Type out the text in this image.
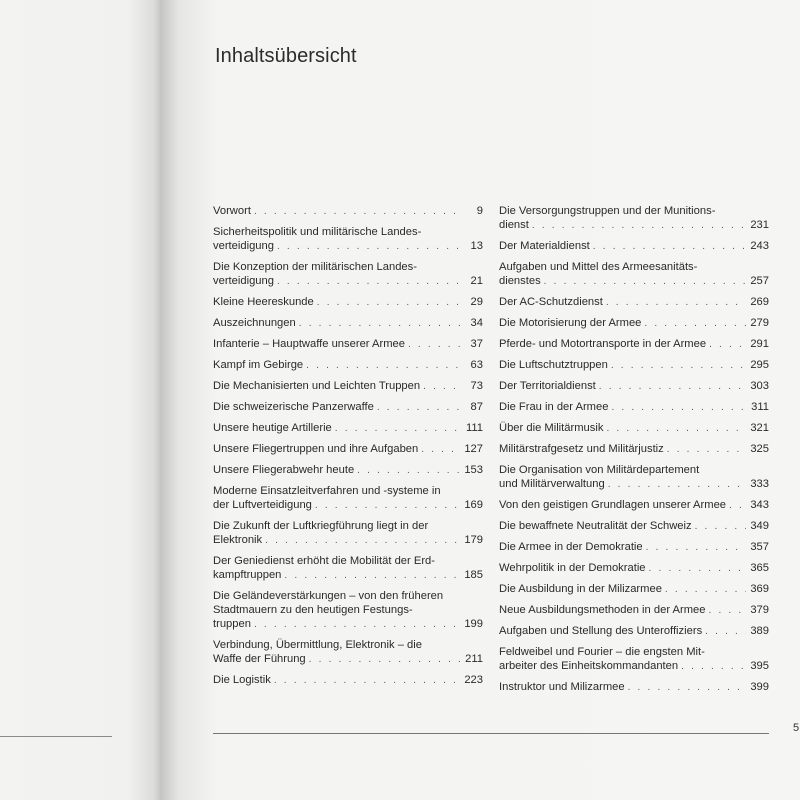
Inhaltsübersicht
Vorwort . . .	9
Sicherheitspolitik und militärische Landes-
verteidigung . . .	13
Die Konzeption der militärischen Landes-
verteidigung . . .	21
Kleine Heereskunde . . .	29
Auszeichnungen . . .	34
Infanterie – Hauptwaffe unserer Armee . . .	37
Kampf im Gebirge . . .	63
Die Mechanisierten und Leichten Truppen . . .	73
Die schweizerische Panzerwaffe . . .	87
Unsere heutige Artillerie . . .	111
Unsere Fliegertruppen und ihre Aufgaben . . .	127
Unsere Fliegerabwehr heute . . .	153
Moderne Einsatzleitverfahren und -systeme in
der Luftverteidigung . . .	169
Die Zukunft der Luftkriegführung liegt in der
Elektronik . . .	179
Der Geniedienst erhöht die Mobilität der Erd-
kampftruppen . . .	185
Die Geländeverstärkungen – von den früheren
Stadtmauern zu den heutigen Festungs-
truppen . . .	199
Verbindung, Übermittlung, Elektronik – die
Waffe der Führung . . .	211
Die Logistik . . .	223
Die Versorgungstruppen und der Munitions-
dienst . . .	231
Der Materialdienst . . .	243
Aufgaben und Mittel des Armeesanitäts-
dienstes . . .	257
Der AC-Schutzdienst . . .	269
Die Motorisierung der Armee . . .	279
Pferde- und Motortransporte in der Armee . . .	291
Die Luftschutztruppen . . .	295
Der Territorialdienst . . .	303
Die Frau in der Armee . . .	311
Über die Militärmusik . . .	321
Militärstrafgesetz und Militärjustiz . . .	325
Die Organisation von Militärdepartement
und Militärverwaltung . . .	333
Von den geistigen Grundlagen unserer Armee . . . 343
Die bewaffnete Neutralität der Schweiz . . .	349
Die Armee in der Demokratie . . .	357
Wehrpolitik in der Demokratie . . .	365
Die Ausbildung in der Milizarmee . . .	369
Neue Ausbildungsmethoden in der Armee . . .	379
Aufgaben und Stellung des Unteroffiziers . . .	389
Feldweibel und Fourier – die engsten Mit-
arbeiter des Einheitskommandanten . . .	395
Instruktor und Milizarmee . . .	399
5
